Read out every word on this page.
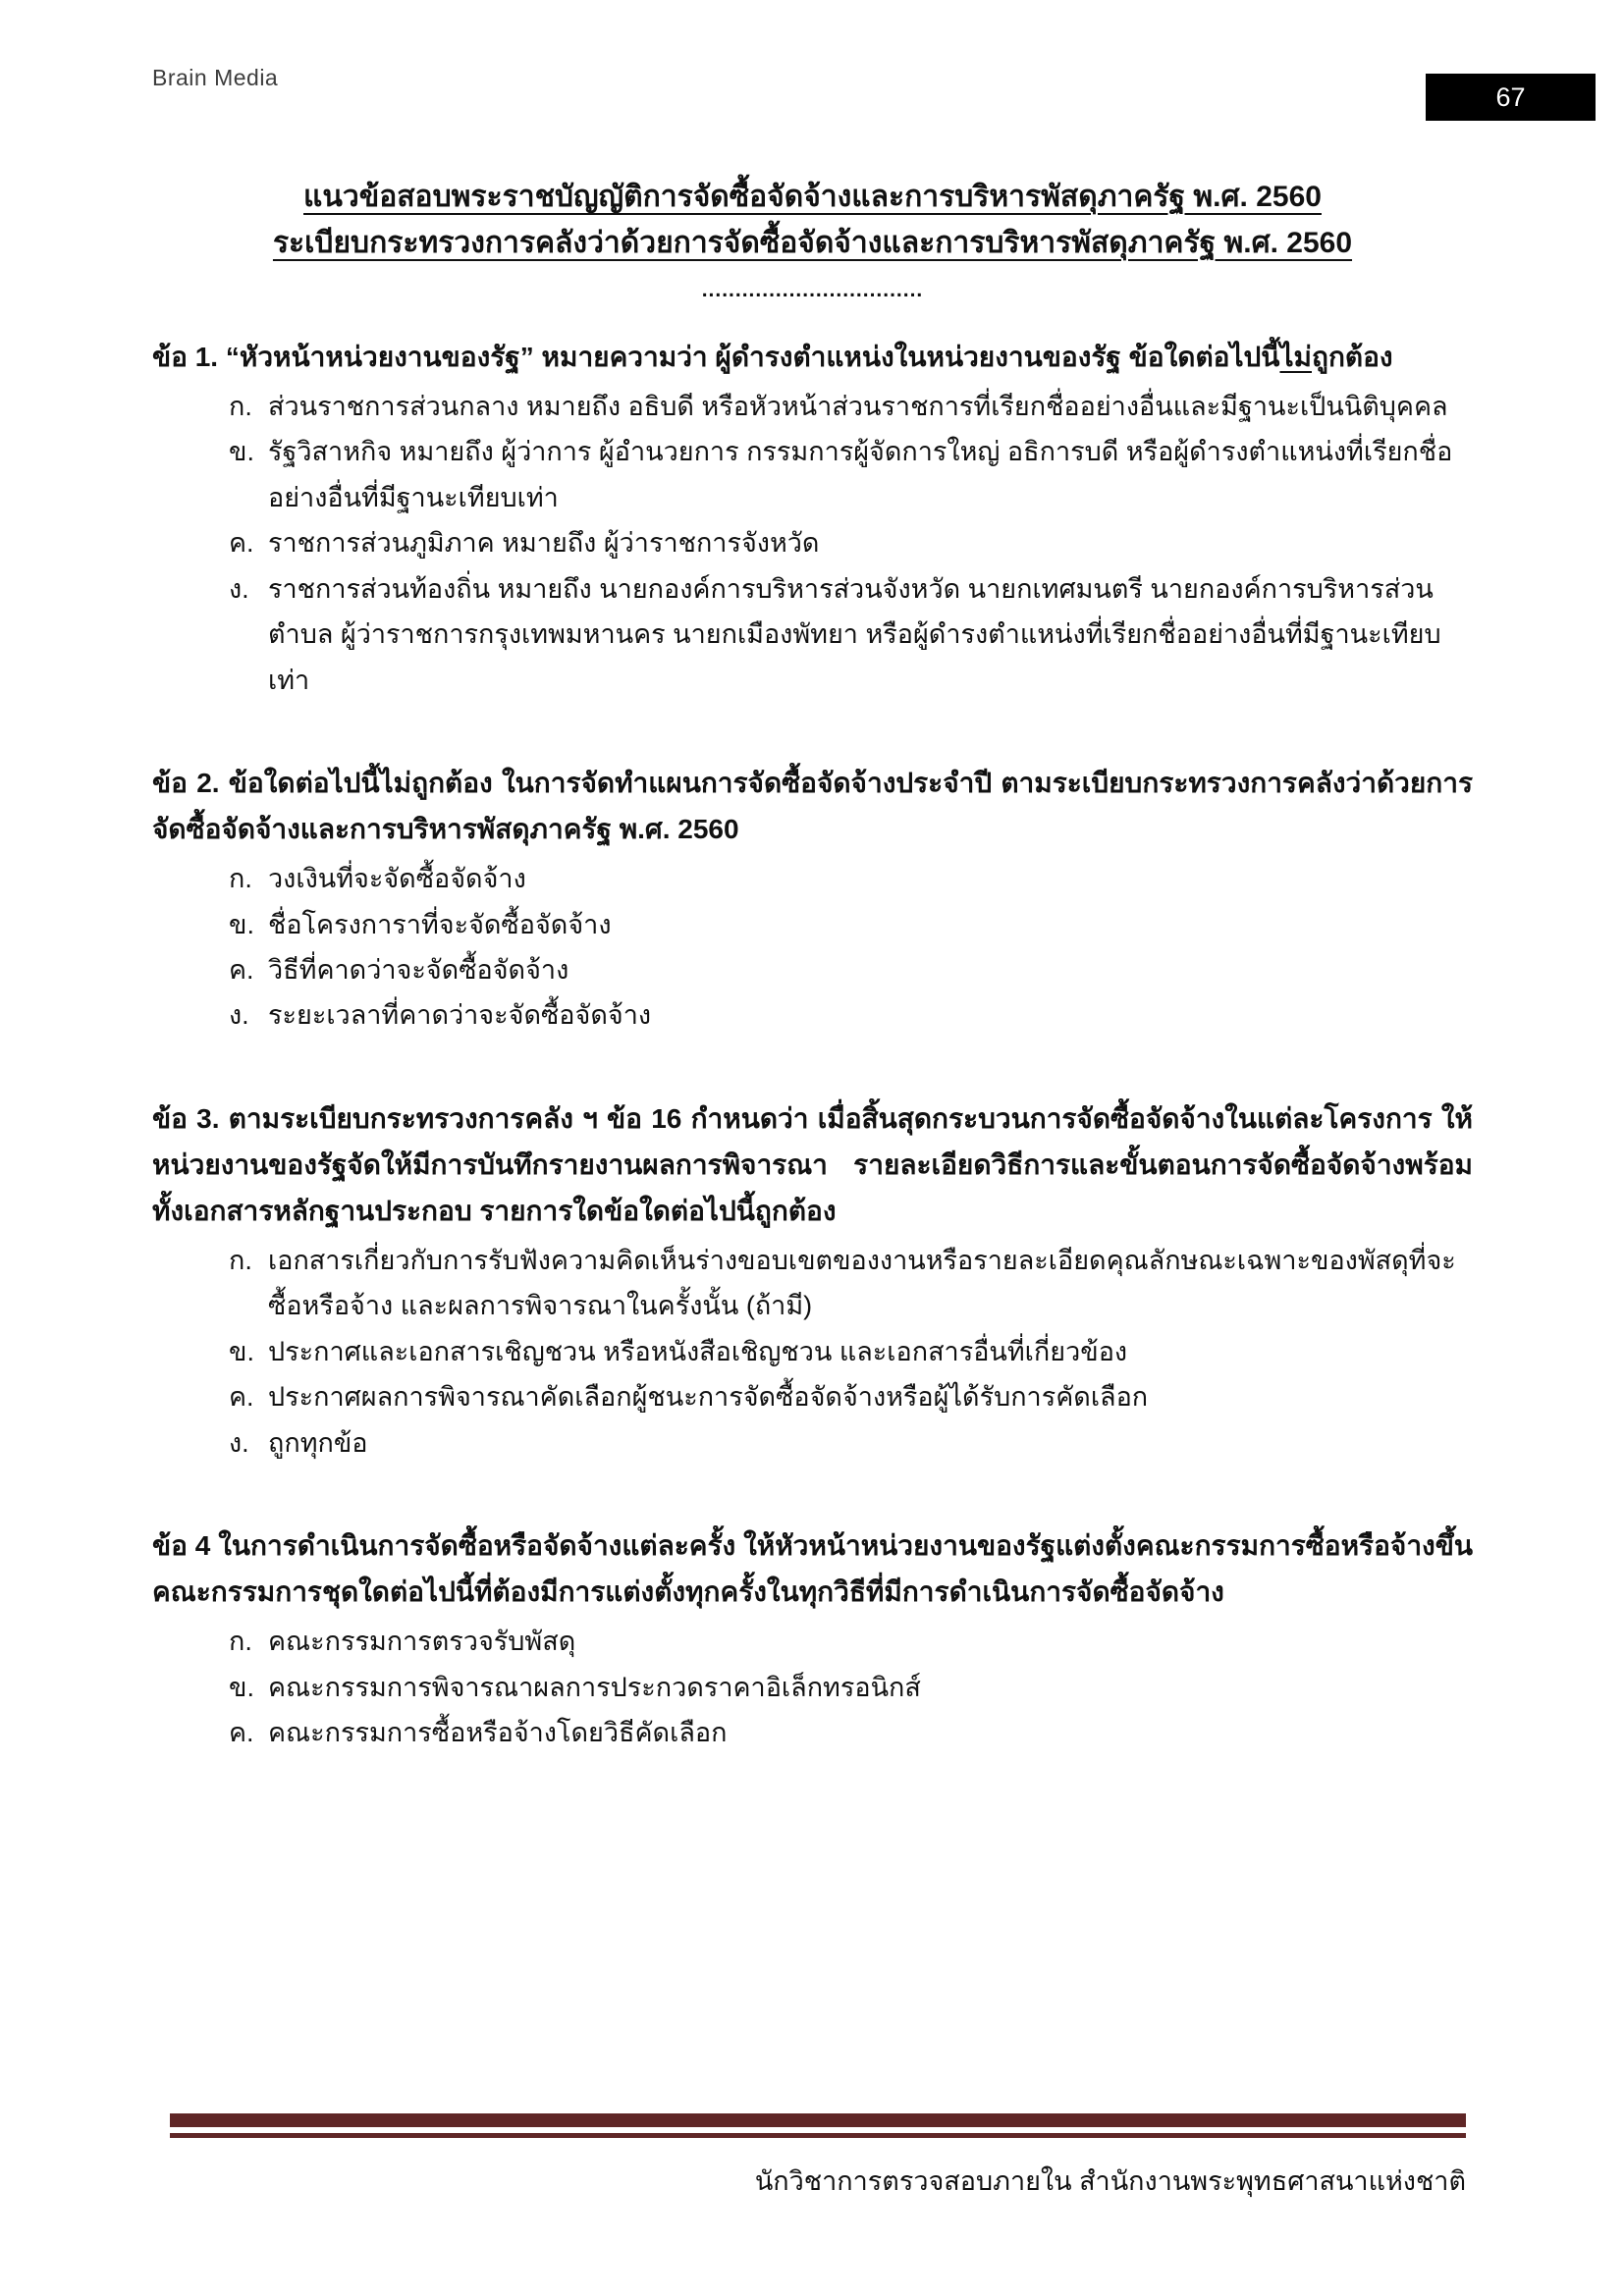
Brain Media
67

แนวข้อสอบพระราชบัญญัติการจัดซื้อจัดจ้างและการบริหารพัสดุภาครัฐ พ.ศ. 2560

ระเบียบกระทรวงการคลังว่าด้วยการจัดซื้อจัดจ้างและการบริหารพัสดุภาครัฐ พ.ศ. 2560

.................................

ข้อ 1. “หัวหน้าหน่วยงานของรัฐ” หมายความว่า ผู้ดำรงตำแหน่งในหน่วยงานของรัฐ ข้อใดต่อไปนี้ไม่ถูกต้อง

ก. ส่วนราชการส่วนกลาง หมายถึง อธิบดี หรือหัวหน้าส่วนราชการที่เรียกชื่ออย่างอื่นและมีฐานะเป็นนิติบุคคล
ข. รัฐวิสาหกิจ หมายถึง ผู้ว่าการ ผู้อำนวยการ กรรมการผู้จัดการใหญ่ อธิการบดี หรือผู้ดำรงตำแหน่งที่เรียกชื่ออย่างอื่นที่มีฐานะเทียบเท่า
ค. ราชการส่วนภูมิภาค หมายถึง ผู้ว่าราชการจังหวัด
ง. ราชการส่วนท้องถิ่น หมายถึง นายกองค์การบริหารส่วนจังหวัด นายกเทศมนตรี นายกองค์การบริหารส่วนตำบล ผู้ว่าราชการกรุงเทพมหานคร นายกเมืองพัทยา หรือผู้ดำรงตำแหน่งที่เรียกชื่ออย่างอื่นที่มีฐานะเทียบเท่า

ข้อ 2. ข้อใดต่อไปนี้ไม่ถูกต้อง ในการจัดทำแผนการจัดซื้อจัดจ้างประจำปี ตามระเบียบกระทรวงการคลังว่าด้วยการจัดซื้อจัดจ้างและการบริหารพัสดุภาครัฐ พ.ศ. 2560

ก. วงเงินที่จะจัดซื้อจัดจ้าง
ข. ชื่อโครงการาที่จะจัดซื้อจัดจ้าง
ค. วิธีที่คาดว่าจะจัดซื้อจัดจ้าง
ง. ระยะเวลาที่คาดว่าจะจัดซื้อจัดจ้าง

ข้อ 3. ตามระเบียบกระทรวงการคลัง ฯ ข้อ 16 กำหนดว่า เมื่อสิ้นสุดกระบวนการจัดซื้อจัดจ้างในแต่ละโครงการ ให้หน่วยงานของรัฐจัดให้มีการบันทึกรายงานผลการพิจารณา รายละเอียดวิธีการและขั้นตอนการจัดซื้อจัดจ้างพร้อมทั้งเอกสารหลักฐานประกอบ รายการใดข้อใดต่อไปนี้ถูกต้อง

ก. เอกสารเกี่ยวกับการรับฟังความคิดเห็นร่างขอบเขตของงานหรือรายละเอียดคุณลักษณะเฉพาะของพัสดุที่จะซื้อหรือจ้าง และผลการพิจารณาในครั้งนั้น (ถ้ามี)
ข. ประกาศและเอกสารเชิญชวน หรือหนังสือเชิญชวน และเอกสารอื่นที่เกี่ยวข้อง
ค. ประกาศผลการพิจารณาคัดเลือกผู้ชนะการจัดซื้อจัดจ้างหรือผู้ได้รับการคัดเลือก
ง. ถูกทุกข้อ

ข้อ 4 ในการดำเนินการจัดซื้อหรือจัดจ้างแต่ละครั้ง ให้หัวหน้าหน่วยงานของรัฐแต่งตั้งคณะกรรมการซื้อหรือจ้างขึ้น คณะกรรมการชุดใดต่อไปนี้ที่ต้องมีการแต่งตั้งทุกครั้งในทุกวิธีที่มีการดำเนินการจัดซื้อจัดจ้าง

ก. คณะกรรมการตรวจรับพัสดุ
ข. คณะกรรมการพิจารณาผลการประกวดราคาอิเล็กทรอนิกส์
ค. คณะกรรมการซื้อหรือจ้างโดยวิธีคัดเลือก
นักวิชาการตรวจสอบภายใน สำนักงานพระพุทธศาสนาแห่งชาติ
